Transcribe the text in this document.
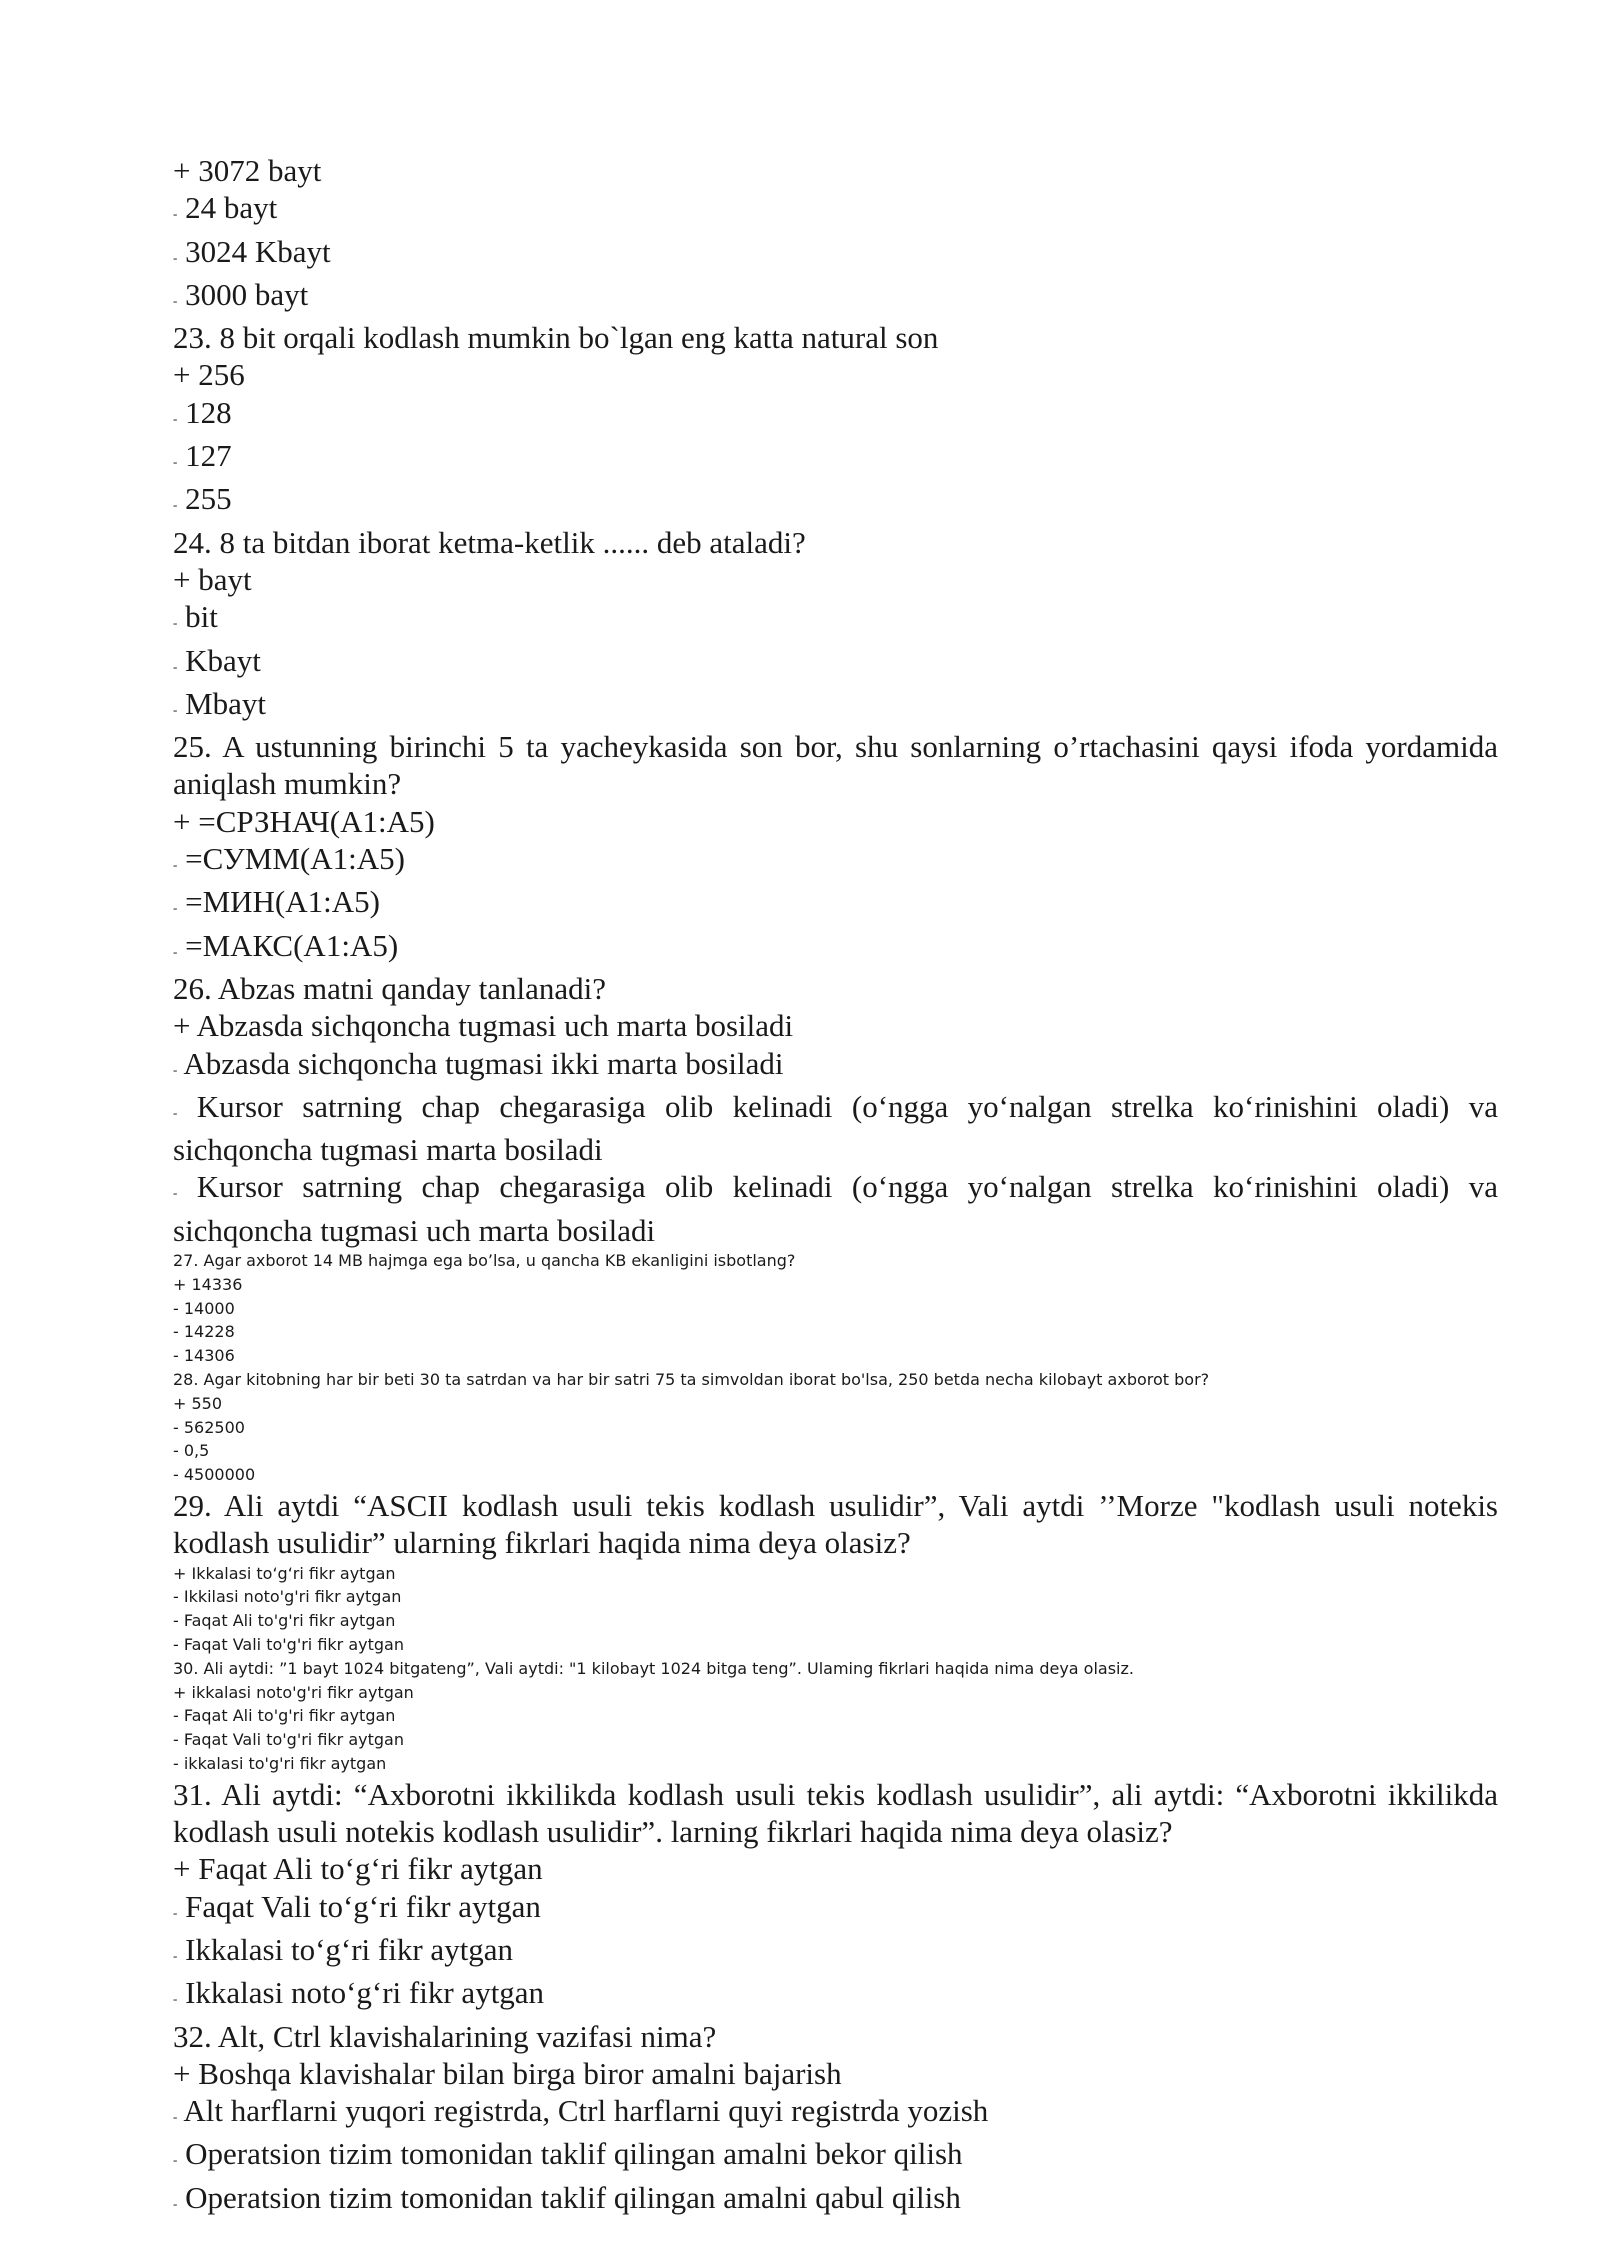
+ 3072 bayt

- 24 bayt

- 3024 Kbayt

- 3000 bayt

23. 8 bit orqali kodlash mumkin bo`lgan eng katta natural son

+ 256

- 128

- 127

- 255

24. 8 ta bitdan iborat ketma-ketlik ...... deb ataladi?

+ bayt

- bit

- Kbayt

- Mbayt

25. A ustunning birinchi 5 ta yacheykasida son bor, shu sonlarning o’rtachasini qaysi ifoda yordamida aniqlash mumkin?

+ =СРЗНАЧ(A1:A5)

- =СУММ(A1:A5)

- =МИН(A1:A5)

- =МАКС(A1:A5)

26. Abzas matni qanday tanlanadi?

+ Abzasda sichqoncha tugmasi uch marta bosiladi

- Abzasda sichqoncha tugmasi ikki marta bosiladi

- Kursor satrning chap chegarasiga olib kelinadi (o‘ngga yo‘nalgan strelka ko‘rinishini oladi) va sichqoncha tugmasi marta bosiladi

- Kursor satrning chap chegarasiga olib kelinadi (o‘ngga yo‘nalgan strelka ko‘rinishini oladi) va sichqoncha tugmasi uch marta bosiladi

27. Agar axborot 14 MB hajmga ega bo’lsa, u qancha KB ekanligini isbotlang?

+ 14336

- 14000

- 14228

- 14306

28. Agar kitobning har bir beti 30 ta satrdan va har bir satri 75 ta simvoldan iborat bo'lsa, 250 betda necha kilobayt axborot bor?

+ 550

- 562500

- 0,5

- 4500000

29. Ali aytdi “ASCII kodlash usuli tekis kodlash usulidir”, Vali aytdi ’’Morze "kodlash usuli notekis kodlash usulidir” ularning fikrlari haqida nima deya olasiz?

+ Ikkalasi to‘g‘ri fikr aytgan

- Ikkilasi noto'g'ri fikr aytgan

- Faqat Ali to'g'ri fikr aytgan

- Faqat Vali to'g'ri fikr aytgan

30. Ali aytdi: ”1 bayt 1024 bitgateng”, Vali aytdi: "1 kilobayt 1024 bitga teng”. Ulaming fikrlari haqida nima deya olasiz.

+ ikkalasi noto'g'ri fikr aytgan

- Faqat Ali to'g'ri fikr aytgan

- Faqat Vali to'g'ri fikr aytgan

- ikkalasi to'g'ri fikr aytgan

31. Ali aytdi: “Axborotni ikkilikda kodlash usuli tekis kodlash usulidir”, ali aytdi: “Axborotni ikkilikda kodlash usuli notekis kodlash usulidir”. larning fikrlari haqida nima deya olasiz?

+ Faqat Ali to‘g‘ri fikr aytgan

- Faqat Vali to‘g‘ri fikr aytgan

- Ikkalasi to‘g‘ri fikr aytgan

- Ikkalasi noto‘g‘ri fikr aytgan

32. Alt, Ctrl klavishalarining vazifasi nima?

+ Boshqa klavishalar bilan birga biror amalni bajarish

- Alt harflarni yuqori registrda, Ctrl harflarni quyi registrda yozish

- Operatsion tizim tomonidan taklif qilingan amalni bekor qilish

- Operatsion tizim tomonidan taklif qilingan amalni qabul qilish
